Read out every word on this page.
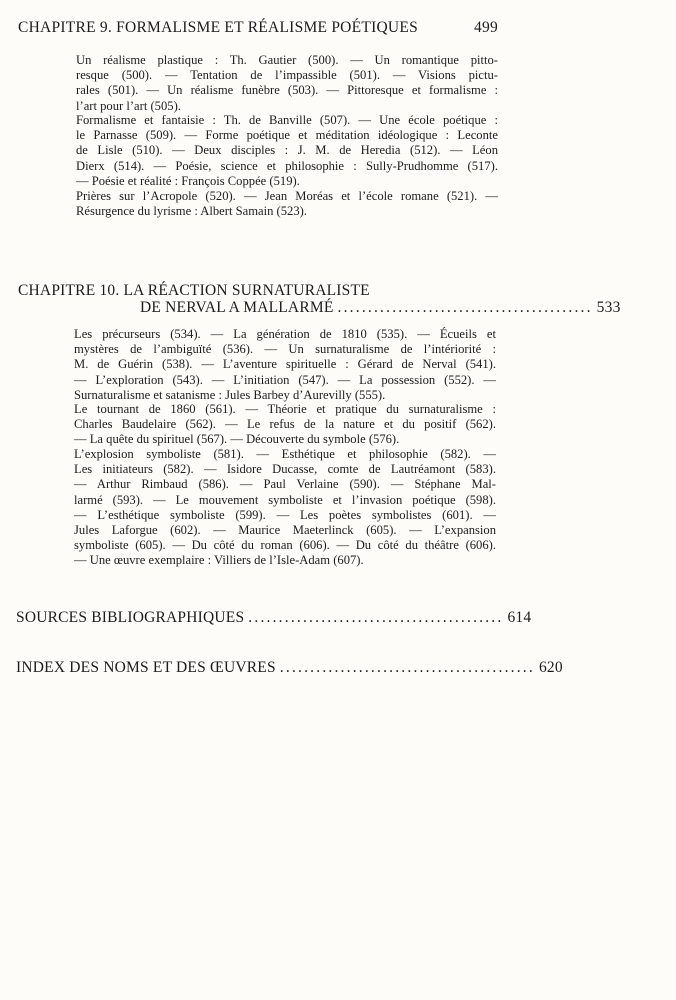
CHAPITRE 9. FORMALISME ET RÉALISME POÉTIQUES	499
Un réalisme plastique : Th. Gautier (500). — Un romantique pitto-
resque (500). — Tentation de l’impassible (501). — Visions pictu-
rales (501). — Un réalisme funèbre (503). — Pittoresque et formalisme :
l’art pour l’art (505).
Formalisme et fantaisie : Th. de Banville (507). — Une école poétique :
le Parnasse (509). — Forme poétique et méditation idéologique : Leconte
de Lisle (510). — Deux disciples : J. M. de Heredia (512). — Léon
Dierx (514). — Poésie, science et philosophie : Sully-Prudhomme (517).
— Poésie et réalité : François Coppée (519).
Prières sur l’Acropole (520). — Jean Moréas et l’école romane (521). —
Résurgence du lyrisme : Albert Samain (523).
CHAPITRE 10. LA RÉACTION SURNATURALISTE
DE NERVAL A MALLARMÉ .......................................... 533
Les précurseurs (534). — La génération de 1810 (535). — Écueils et
mystères de l’ambiguïté (536). — Un surnaturalisme de l’intériorité :
M. de Guérin (538). — L’aventure spirituelle : Gérard de Nerval (541).
— L’exploration (543). — L’initiation (547). — La possession (552). —
Surnaturalisme et satanisme : Jules Barbey d’Aurevilly (555).
Le tournant de 1860 (561). — Théorie et pratique du surnaturalisme :
Charles Baudelaire (562). — Le refus de la nature et du positif (562).
— La quête du spirituel (567). — Découverte du symbole (576).
L’explosion symboliste (581). — Esthétique et philosophie (582). —
Les initiateurs (582). — Isidore Ducasse, comte de Lautréamont (583).
— Arthur Rimbaud (586). — Paul Verlaine (590). — Stéphane Mal-
larmé (593). — Le mouvement symboliste et l’invasion poétique (598).
— L’esthétique symboliste (599). — Les poètes symbolistes (601). —
Jules Laforgue (602). — Maurice Maeterlinck (605). — L’expansion
symboliste (605). — Du côté du roman (606). — Du côté du théâtre (606).
— Une œuvre exemplaire : Villiers de l’Isle-Adam (607).
SOURCES BIBLIOGRAPHIQUES .......................................... 614
INDEX DES NOMS ET DES ŒUVRES .......................................... 620
